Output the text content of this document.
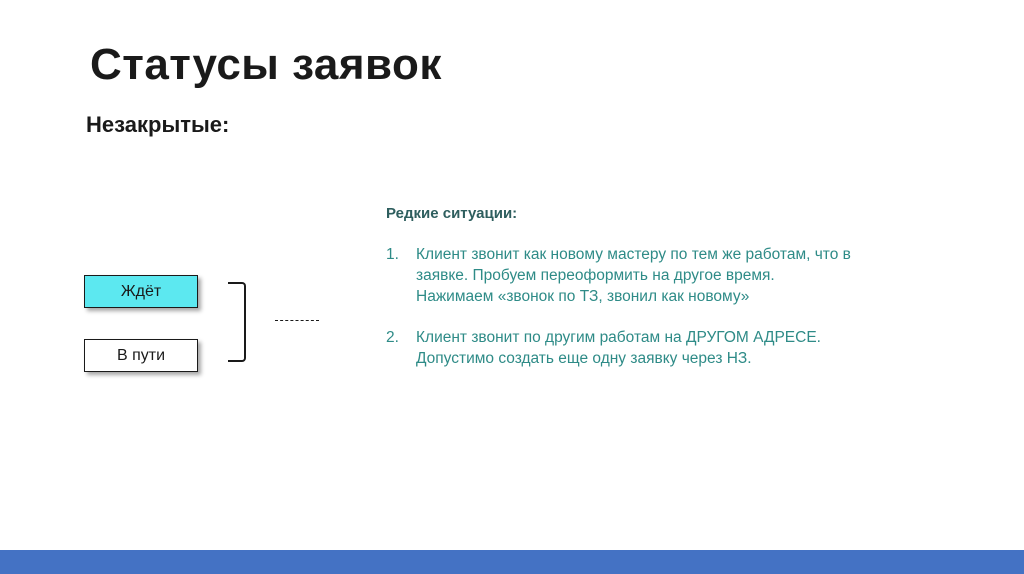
Статусы заявок
Незакрытые:
Ждёт
В пути
Редкие ситуации:
1.	Клиент звонит как новому мастеру по тем же работам, что в заявке. Пробуем переоформить на другое время. Нажимаем «звонок по ТЗ, звонил как новому»
2.	Клиент звонит по другим работам на ДРУГОМ АДРЕСЕ. Допустимо создать еще одну заявку через НЗ.
